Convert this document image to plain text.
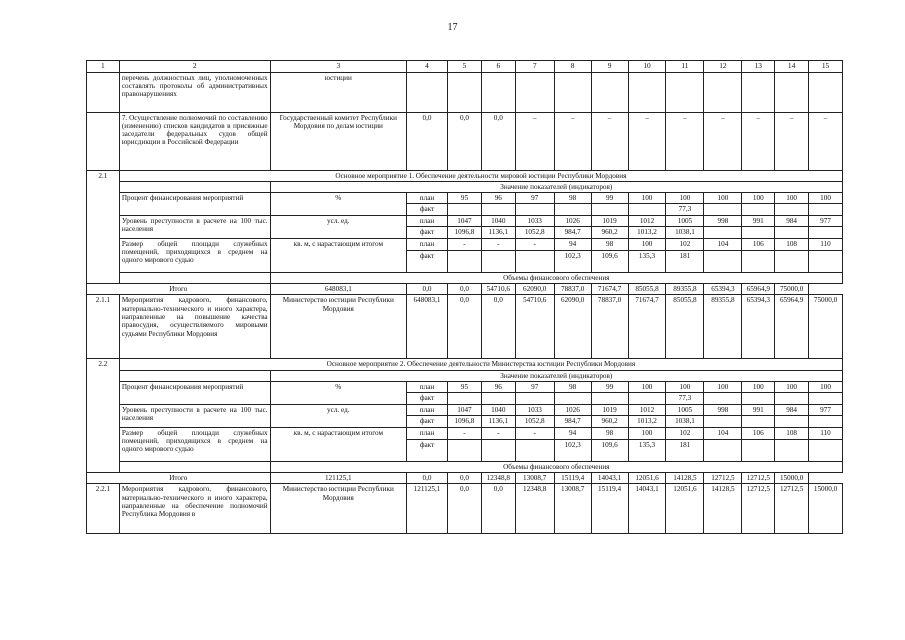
17
1	2	3	4	5	6	7	8	9	10	11	12	13	14	15
	перечень должностных лиц, уполномоченных составлять протоколы об административных правонарушениях	юстиции												
	7. Осуществление полномочий по составлению (изменению) списков кандидатов в присяжные заседатели федеральных судов общей юрисдикции в Российской Федерации	Государственный комитет Республики Мордовия по делам юстиции	0,0	0,0	0,0	–	–	–	–	–	–	–	–	–
2.1	Основное мероприятие 1. Обеспечение деятельности мировой юстиции Республики Мордовия													
		Значение показателей (индикаторов)												
	Процент финансирования мероприятий	%	план	95	96	97	98	99	100	100	100	100	100	100
			факт							77,3				
	Уровень преступности в расчете на 100 тыс. населения	усл. ед.	план	1047	1040	1033	1026	1019	1012	1005	998	991	984	977
			факт	1096,8	1136,1	1052,8	984,7	960,2	1013,2	1038,1				
	Размер общей площади служебных помещений, приходящихся в среднем на одного мирового судью	кв. м, с нарастающим итогом	план	-	-	-	94	98	100	102	104	106	108	110
			факт				102,3	109,6	135,3	181				
		Объемы финансового обеспечения												
Итого		648083,1	0,0	0,0	54710,6	62090,0	78837,0	71674,7	85055,8	89355,8	65394,3	65964,9	75000,0	
2.1.1	Мероприятия кадрового, финансового, материально-технического и иного характера, направленные на повышение качества правосудия, осуществляемого мировыми судьями Республики Мордовия	Министерство юстиции Республики Мордовия	648083,1	0,0	0,0	54710,6	62090,0	78837,0	71674,7	85055,8	89355,8	65394,3	65964,9	75000,0
2.2	Основное мероприятие 2. Обеспечение деятельности Министерства юстиции Республики Мордовия													
		Значение показателей (индикаторов)												
	Процент финансирования мероприятий	%	план	95	96	97	98	99	100	100	100	100	100	100
			факт							77,3				
	Уровень преступности в расчете на 100 тыс. населения	усл. ед.	план	1047	1040	1033	1026	1019	1012	1005	998	991	984	977
			факт	1096,8	1136,1	1052,8	984,7	960,2	1013,2	1038,1				
	Размер общей площади служебных помещений, приходящихся в среднем на одного мирового судью	кв. м, с нарастающим итогом	план	-	-	-	94	98	100	102	104	106	108	110
			факт				102,3	109,6	135,3	181				
		Объемы финансового обеспечения												
Итого		121125,1	0,0	0,0	12348,8	13008,7	15119,4	14043,1	12051,6	14128,5	12712,5	12712,5	15000,0	
2.2.1	Мероприятия кадрового, финансового, материально-технического и иного характера, направленные на обеспечение полномочий Республика Мордовия в	Министерство юстиции Республики Мордовия	121125,1	0,0	0,0	12348,8	13008,7	15119,4	14043,1	12051,6	14128,5	12712,5	12712,5	15000,0
